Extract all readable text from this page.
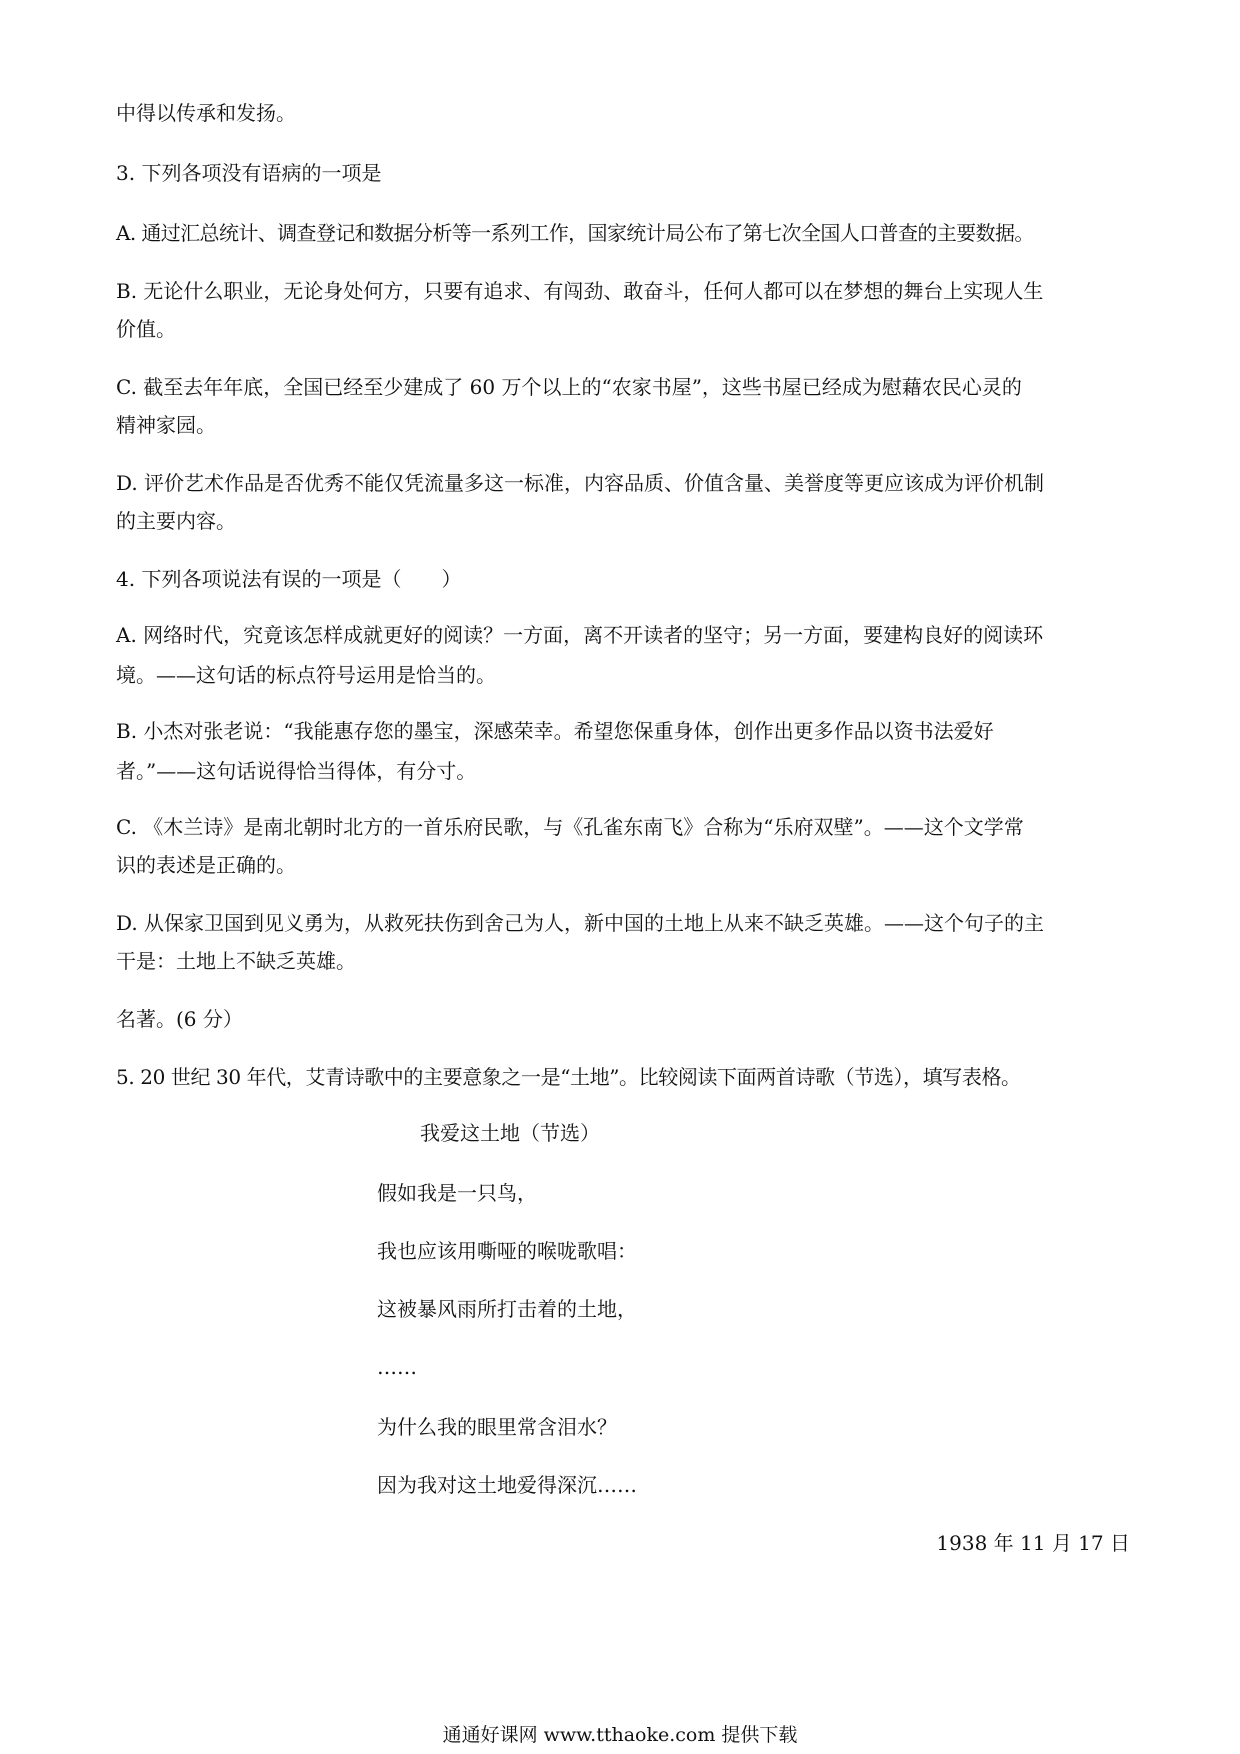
中得以传承和发扬。
3. 下列各项没有语病的一项是
A. 通过汇总统计、调查登记和数据分析等一系列工作，国家统计局公布了第七次全国人口普查的主要数据。
B. 无论什么职业，无论身处何方，只要有追求、有闯劲、敢奋斗，任何人都可以在梦想的舞台上实现人生
价值。
C. 截至去年年底，全国已经至少建成了 60 万个以上的“农家书屋”，这些书屋已经成为慰藉农民心灵的
精神家园。
D. 评价艺术作品是否优秀不能仅凭流量多这一标准，内容品质、价值含量、美誉度等更应该成为评价机制
的主要内容。
4. 下列各项说法有误的一项是（　　）
A. 网络时代，究竟该怎样成就更好的阅读？一方面，离不开读者的坚守；另一方面，要建构良好的阅读环
境。——这句话的标点符号运用是恰当的。
B. 小杰对张老说：“我能惠存您的墨宝，深感荣幸。希望您保重身体，创作出更多作品以资书法爱好
者。”——这句话说得恰当得体，有分寸。
C. 《木兰诗》是南北朝时北方的一首乐府民歌，与《孔雀东南飞》合称为“乐府双壁”。——这个文学常
识的表述是正确的。
D. 从保家卫国到见义勇为，从救死扶伤到舍己为人，新中国的土地上从来不缺乏英雄。——这个句子的主
干是：土地上不缺乏英雄。
名著。(6 分）
5. 20 世纪 30 年代，艾青诗歌中的主要意象之一是“土地”。比较阅读下面两首诗歌（节选），填写表格。
我爱这土地（节选）
假如我是一只鸟，
我也应该用嘶哑的喉咙歌唱：
这被暴风雨所打击着的土地，
……
为什么我的眼里常含泪水？
因为我对这土地爱得深沉……
1938 年 11 月 17 日
通通好课网 www.tthaoke.com 提供下载
